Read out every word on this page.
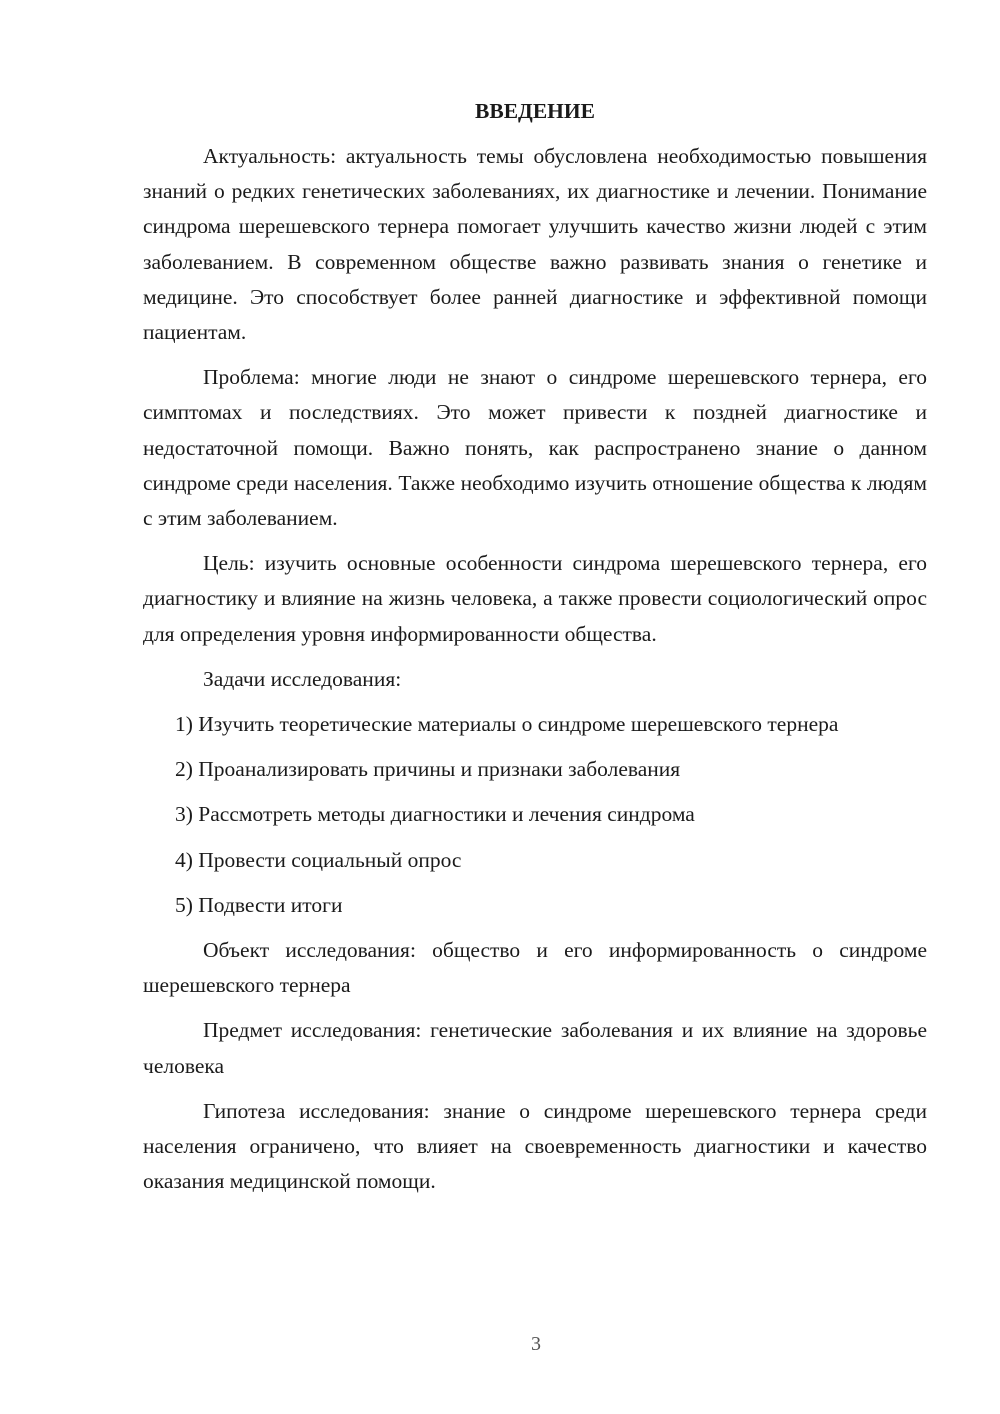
ВВЕДЕНИЕ

Актуальность: актуальность темы обусловлена необходимостью повышения знаний о редких генетических заболеваниях, их диагностике и лечении. Понимание синдрома шерешевского тернера помогает улучшить качество жизни людей с этим заболеванием. В современном обществе важно развивать знания о генетике и медицине. Это способствует более ранней диагностике и эффективной помощи пациентам.

Проблема: многие люди не знают о синдроме шерешевского тернера, его симптомах и последствиях. Это может привести к поздней диагностике и недостаточной помощи. Важно понять, как распространено знание о данном синдроме среди населения. Также необходимо изучить отношение общества к людям с этим заболеванием.

Цель: изучить основные особенности синдрома шерешевского тернера, его диагностику и влияние на жизнь человека, а также провести социологический опрос для определения уровня информированности общества.

Задачи исследования:

1) Изучить теоретические материалы о синдроме шерешевского тернера

2) Проанализировать причины и признаки заболевания

3) Рассмотреть методы диагностики и лечения синдрома

4) Провести социальный опрос

5) Подвести итоги

Объект исследования: общество и его информированность о синдроме шерешевского тернера

Предмет исследования: генетические заболевания и их влияние на здоровье человека

Гипотеза исследования: знание о синдроме шерешевского тернера среди населения ограничено, что влияет на своевременность диагностики и качество оказания медицинской помощи.

3
